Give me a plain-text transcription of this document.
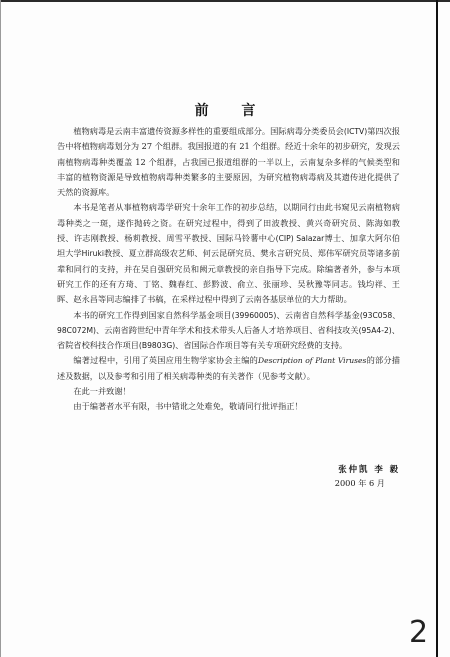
前 言

植物病毒是云南丰富遗传资源多样性的重要组成部分。国际病毒分类委员会(ICTV)第四次报告中将植物病毒划分为 27 个组群。我国报道的有 21 个组群。经近十余年的初步研究，发现云南植物病毒种类覆盖 12 个组群，占我国已报道组群的一半以上，云南复杂多样的气候类型和丰富的植物资源是导致植物病毒种类繁多的主要原因，为研究植物病毒病及其遗传进化提供了天然的资源库。

本书是笔者从事植物病毒学研究十余年工作的初步总结，以期同行由此书窥见云南植物病毒种类之一斑，遂作抛砖之资。在研究过程中，得到了田波教授、黄兴奇研究员、陈海如教授、许志刚教授、杨莉教授、周雪平教授、国际马铃薯中心(CIP) Salazar博士、加拿大阿尔伯坦大学Hiruki教授、夏立群高级农艺师、何云昆研究员、樊永言研究员、郑伟军研究员等诸多前辈和同行的支持，并在吴自强研究员和阙元章教授的亲自指导下完成。除编著者外，参与本项研究工作的还有方琦、丁铭、魏春红、彭黔波、俞立、张丽珍、吴秋豫等同志。钱均祥、王晖、赵永昌等同志编排了书稿，在采样过程中得到了云南各基层单位的大力帮助。

本书的研究工作得到国家自然科学基金项目(39960005)、云南省自然科学基金(93C058、98C072M)、云南省跨世纪中青年学术和技术带头人后备人才培养项目、省科技攻关(95A4-2)、省院省校科技合作项目(B9803G)、省国际合作项目等有关专项研究经费的支持。

编著过程中，引用了英国应用生物学家协会主编的Description of Plant Viruses的部分描述及数据，以及参考和引用了相关病毒种类的有关著作（见参考文献）。

在此一并致谢！

由于编著者水平有限，书中错讹之处难免，敬请同行批评指正！

张仲凯 李 毅
2000 年 6 月
2
